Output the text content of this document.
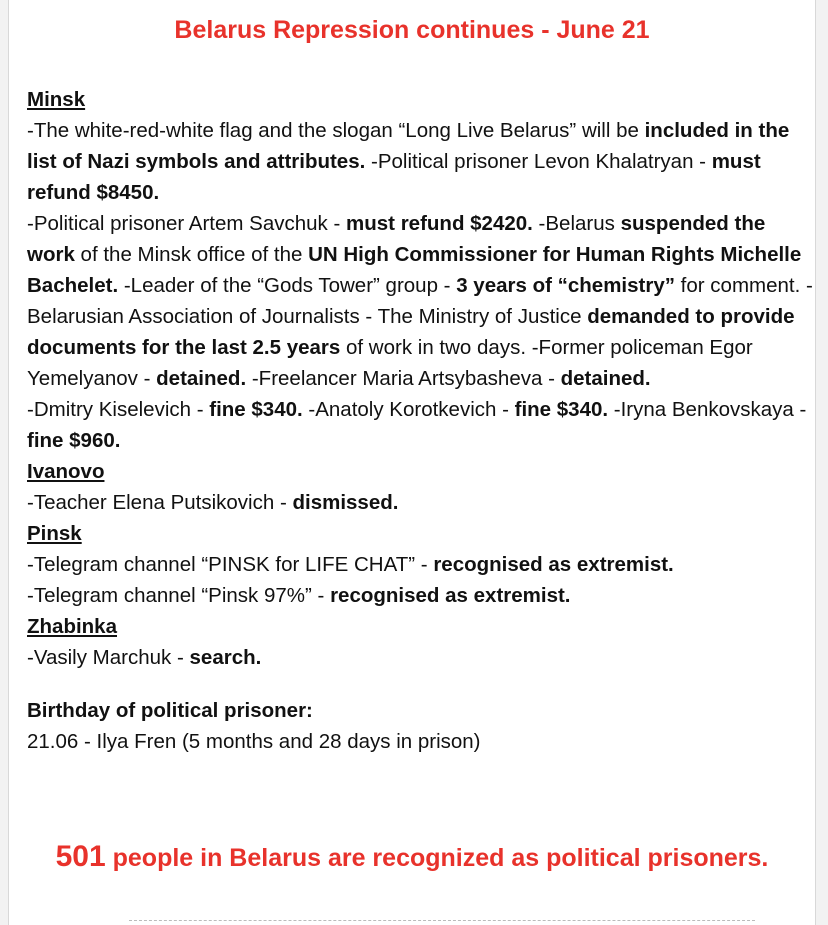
Belarus Repression continues - June 21
Minsk

-The white-red-white flag and the slogan “Long Live Belarus” will be included in the list of Nazi symbols and attributes. -Political prisoner Levon Khalatryan - must refund $8450.

-Political prisoner Artem Savchuk - must refund $2420. -Belarus suspended the work of the Minsk office of the UN High Commissioner for Human Rights Michelle Bachelet. -Leader of the “Gods Tower” group - 3 years of “chemistry” for comment. -Belarusian Association of Journalists - The Ministry of Justice demanded to provide documents for the last 2.5 years of work in two days. -Former policeman Egor Yemelyanov - detained. -Freelancer Maria Artsybasheva - detained.

-Dmitry Kiselevich - fine $340. -Anatoly Korotkevich - fine $340. -Iryna Benkovskaya - fine $960.

Ivanovo

-Teacher Elena Putsikovich - dismissed.

Pinsk

-Telegram channel “PINSK for LIFE CHAT” - recognised as extremist.

-Telegram channel “Pinsk 97%” - recognised as extremist.

Zhabinka

-Vasily Marchuk - search.

Birthday of political prisoner:

21.06 - Ilya Fren (5 months and 28 days in prison)

501 people in Belarus are recognized as political prisoners.
